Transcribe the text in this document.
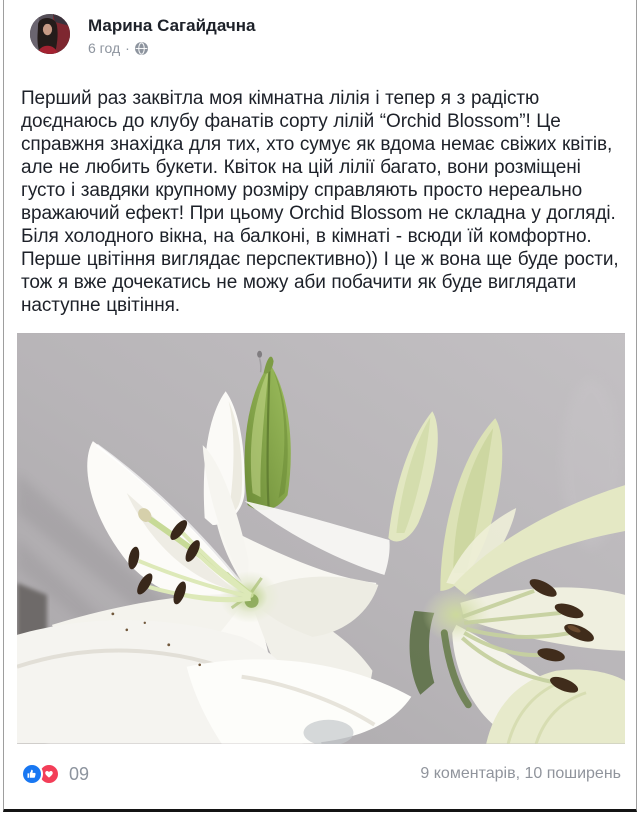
Марина Сагайдачна
6 год ·
Перший раз заквітла моя кімнатна лілія і тепер я з радістю доєднаюсь до клубу фанатів сорту лілій “Orchid Blossom”! Це справжня знахідка для тих, хто сумує як вдома немає свіжих квітів, але не любить букети. Квіток на цій лілії багато, вони розміщені густо і завдяки крупному розміру справляють просто нереально вражаючий ефект! При цьому Orchid Blossom не складна у догляді. Біля холодного вікна, на балконі, в кімнаті - всюди їй комфортно. Перше цвітіння виглядає перспективно)) І це ж вона ще буде рости, тож я вже дочекатись не можу аби побачити як буде виглядати наступне цвітіння.
09	9 коментарів, 10 поширень
